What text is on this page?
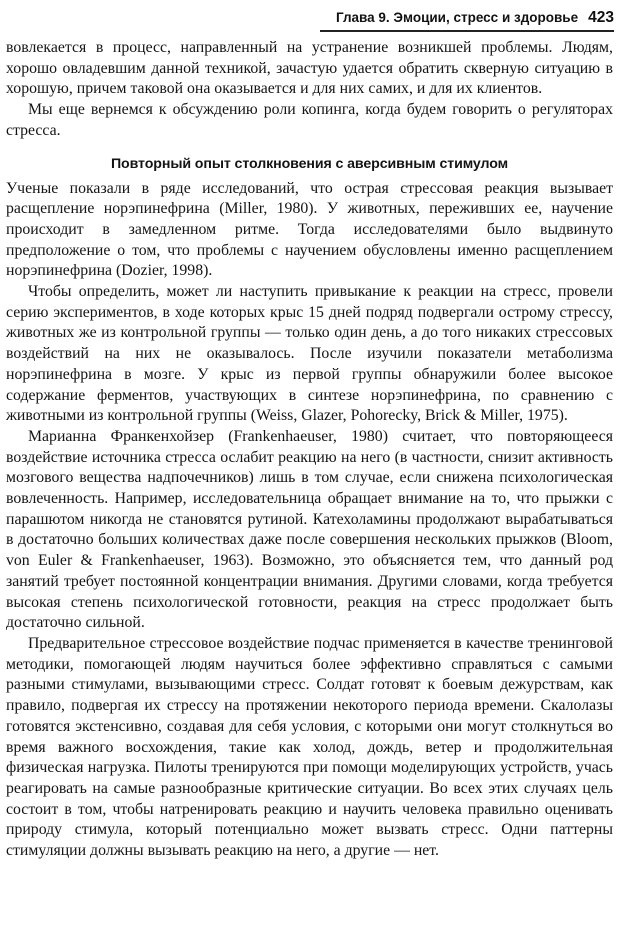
Глава 9. Эмоции, стресс и здоровье 423

вовлекается в процесс, направленный на устранение возникшей проблемы. Людям, хорошо овладевшим данной техникой, зачастую удается обратить скверную ситуацию в хорошую, причем таковой она оказывается и для них самих, и для их клиентов.

Мы еще вернемся к обсуждению роли копинга, когда будем говорить о регуляторах стресса.

Повторный опыт столкновения с аверсивным стимулом

Ученые показали в ряде исследований, что острая стрессовая реакция вызывает расщепление норэпинефрина (Miller, 1980). У животных, переживших ее, научение происходит в замедленном ритме. Тогда исследователями было выдвинуто предположение о том, что проблемы с научением обусловлены именно расщеплением норэпинефрина (Dozier, 1998).

Чтобы определить, может ли наступить привыкание к реакции на стресс, провели серию экспериментов, в ходе которых крыс 15 дней подряд подвергали острому стрессу, животных же из контрольной группы — только один день, а до того никаких стрессовых воздействий на них не оказывалось. После изучили показатели метаболизма норэпинефрина в мозге. У крыс из первой группы обнаружили более высокое содержание ферментов, участвующих в синтезе норэпинефрина, по сравнению с животными из контрольной группы (Weiss, Glazer, Pohorecky, Brick & Miller, 1975).

Марианна Франкенхойзер (Frankenhaeuser, 1980) считает, что повторяющееся воздействие источника стресса ослабит реакцию на него (в частности, снизит активность мозгового вещества надпочечников) лишь в том случае, если снижена психологическая вовлеченность. Например, исследовательница обращает внимание на то, что прыжки с парашютом никогда не становятся рутиной. Катехоламины продолжают вырабатываться в достаточно больших количествах даже после совершения нескольких прыжков (Bloom, von Euler & Frankenhaeuser, 1963). Возможно, это объясняется тем, что данный род занятий требует постоянной концентрации внимания. Другими словами, когда требуется высокая степень психологической готовности, реакция на стресс продолжает быть достаточно сильной.

Предварительное стрессовое воздействие подчас применяется в качестве тренинговой методики, помогающей людям научиться более эффективно справляться с самыми разными стимулами, вызывающими стресс. Солдат готовят к боевым дежурствам, как правило, подвергая их стрессу на протяжении некоторого периода времени. Скалолазы готовятся экстенсивно, создавая для себя условия, с которыми они могут столкнуться во время важного восхождения, такие как холод, дождь, ветер и продолжительная физическая нагрузка. Пилоты тренируются при помощи моделирующих устройств, учась реагировать на самые разнообразные критические ситуации. Во всех этих случаях цель состоит в том, чтобы натренировать реакцию и научить человека правильно оценивать природу стимула, который потенциально может вызвать стресс. Одни паттерны стимуляции должны вызывать реакцию на него, а другие — нет.
